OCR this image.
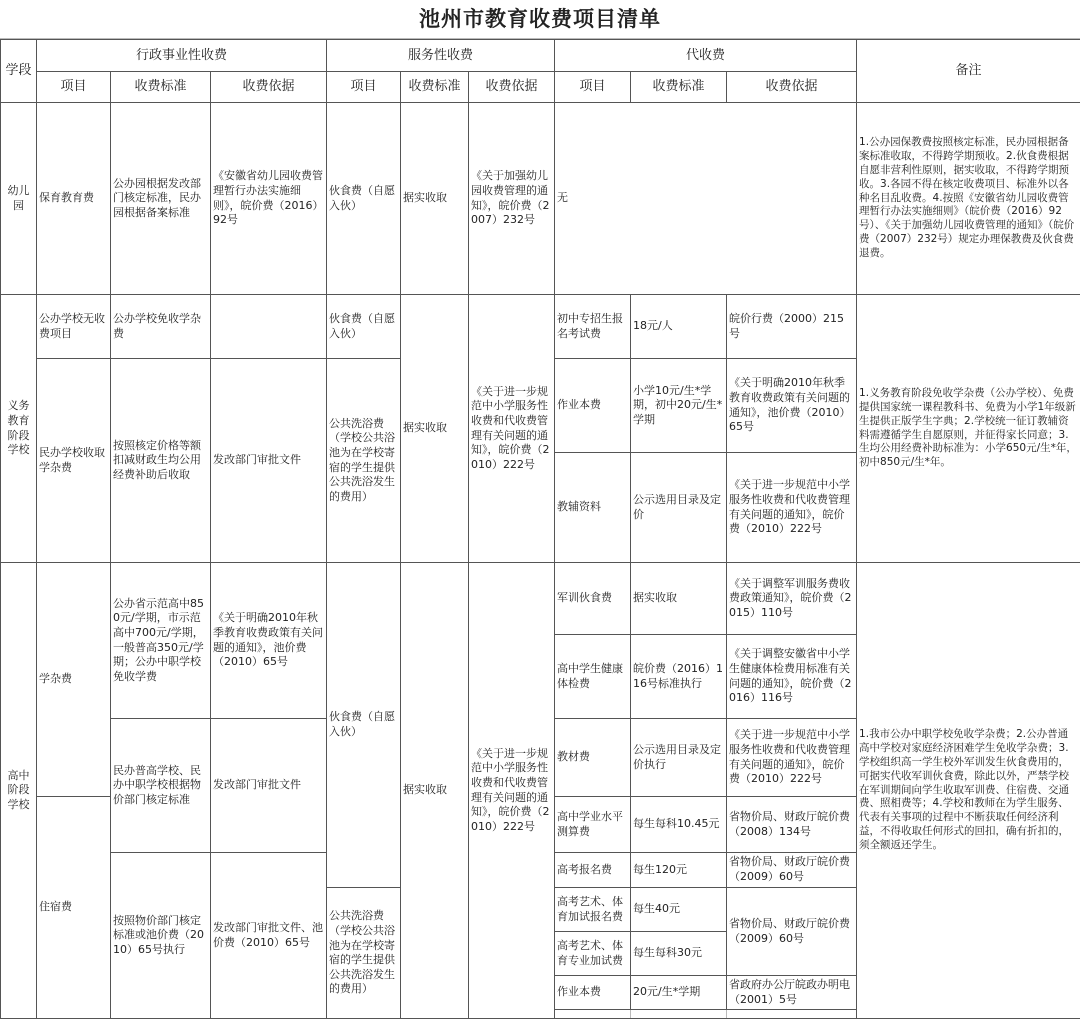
池州市教育收费项目清单
学段	行政事业性收费			服务性收费			代收费			备注
	项目	收费标准	收费依据	项目	收费标准	收费依据	项目	收费标准	收费依据	
幼儿园	保育教育费	公办园根据发改部门核定标准，民办园根据备案标准	《安徽省幼儿园收费管理暂行办法实施细则》，皖价费（2016）92号	伙食费（自愿入伙）	据实收取	《关于加强幼儿园收费管理的通知》，皖价费（2007）232号	无			1.公办园保教费按照核定标准，民办园根据备案标准收取，不得跨学期预收。2.伙食费根据自愿非营利性原则，据实收取，不得跨学期预收。3.各园不得在核定收费项目、标准外以各种名目乱收费。4.按照《安徽省幼儿园收费管理暂行办法实施细则》（皖价费（2016）92号）、《关于加强幼儿园收费管理的通知》（皖价费（2007）232号）规定办理保教费及伙食费退费。
义务教育阶段学校	公办学校无收费项目	公办学校免收学杂费		伙食费（自愿入伙）	据实收取	《关于进一步规范中小学服务性收费和代收费管理有关问题的通知》，皖价费（2010）222号	初中专招生报名考试费	18元/人	皖价行费（2000）215号	1.义务教育阶段免收学杂费（公办学校）、免费提供国家统一课程教科书、免费为小学1年级新生提供正版学生字典；2.学校统一征订教辅资料需遵循学生自愿原则，并征得家长同意；3.生均公用经费补助标准为：小学650元/生*年，初中850元/生*年。
	民办学校收取学杂费	按照核定价格等额扣减财政生均公用经费补助后收取	发改部门审批文件	公共洗浴费（学校公共浴池为在学校寄宿的学生提供公共洗浴发生的费用）			作业本费	小学10元/生*学期，初中20元/生*学期	《关于明确2010年秋季教育收费政策有关问题的通知》，池价费（2010）65号	
							教辅资料	公示选用目录及定价	《关于进一步规范中小学服务性收费和代收费管理有关问题的通知》，皖价费（2010）222号	
高中阶段学校	学杂费	公办省示范高中850元/学期，市示范高中700元/学期，一般普高350元/学期；公办中职学校免收学费	《关于明确2010年秋季教育收费政策有关问题的通知》，池价费（2010）65号	伙食费（自愿入伙）	据实收取	《关于进一步规范中小学服务性收费和代收费管理有关问题的通知》，皖价费（2010）222号	军训伙食费	据实收取	《关于调整军训服务费收费政策通知》，皖价费（2015）110号	1.我市公办中职学校免收学杂费；2.公办普通高中学校对家庭经济困难学生免收学杂费；3.学校组织高一学生校外军训发生伙食费用的，可据实代收军训伙食费，除此以外，严禁学校在军训期间向学生收取军训费、住宿费、交通费、照相费等；4.学校和教师在为学生服务、代表有关事项的过程中不断获取任何经济利益，不得收取任何形式的回扣，确有折扣的，须全额返还学生。
							高中学生健康体检费	皖价费（2016）116号标准执行	《关于调整安徽省中小学生健康体检费用标准有关问题的通知》，皖价费（2016）116号	
		民办普高学校、民办中职学校根据物价部门核定标准	发改部门审批文件				教材费	公示选用目录及定价执行	《关于进一步规范中小学服务性收费和代收费管理有关问题的通知》，皖价费（2010）222号	
	住宿费						高中学业水平测算费	每生每科10.45元	省物价局、财政厅皖价费（2008）134号	
		按照物价部门核定标准或池价费（2010）65号执行	发改部门审批文件、池价费（2010）65号				高考报名费	每生120元	省物价局、财政厅皖价费（2009）60号	
				公共洗浴费（学校公共浴池为在学校寄宿的学生提供公共洗浴发生的费用）			高考艺术、体育加试报名费	每生40元	省物价局、财政厅皖价费（2009）60号	
							高考艺术、体育专业加试费	每生每科30元		
							作业本费	20元/生*学期	省政府办公厅皖政办明电（2001）5号	
